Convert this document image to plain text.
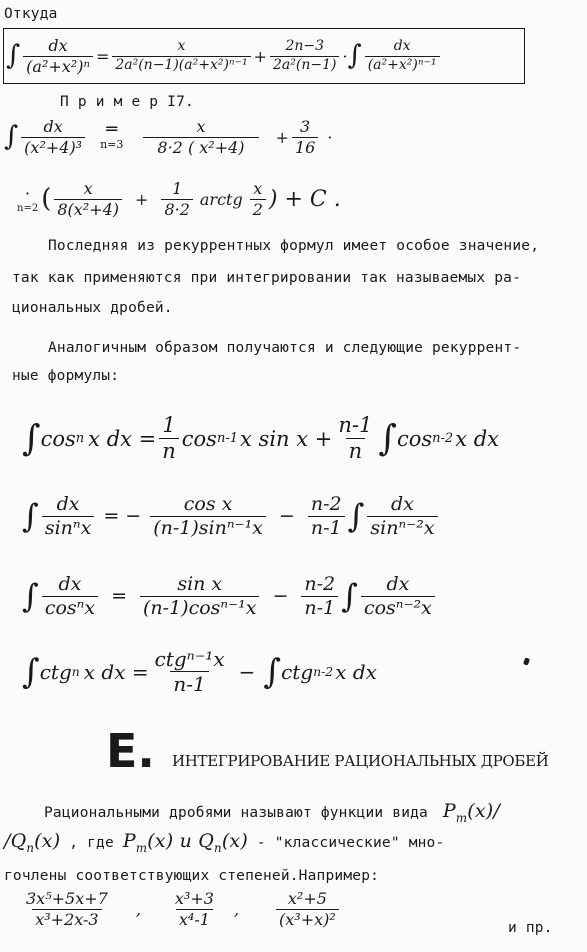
Откуда
∫ $\frac{dx}{\text{(a²+x²)ⁿ}} = \frac{x}{\text{2a²(n−1)(a²+x²)ⁿ⁻¹}} + \frac{2n-3}{\text{2a²(n−1)}}$ · ∫ $\frac{dx}{\text{(a²+x²)ⁿ⁻¹}}$
П р и м е р I7.
∫ $\frac{dx}{\text{(x²+4)³}}$ ═
$n=3 \frac{x}{\text{8·2 ( x²+4)}} + \frac{3}{16}$ ·
·
n=2 ( $\frac{x}{\text{8(x²+4)}} + \frac{1}{8\cdot 2}$ arctg $\frac{x}{2}$ ) + C .
Последняя из рекуррентных формул имеет особое значение,
так как применяются при интегрировании так называемых ра-
циональных дробей.
Аналогичным образом получаются и следующие рекуррент-
ные формулы:
∫ cos n x dx = $\frac{1}{n}$ cos n-1 x $\sin x + \frac{n-1}{n}$ ∫ cos n-2 x dx
∫ $\frac{dx}{\text{sinⁿx}}$ = − $\frac{\text{cos x}}{\text{(n-1)sinⁿ⁻¹x}} - \frac{n-2}{n-1}$ ∫ $\frac{dx}{\text{sinⁿ⁻²x}}$
∫ $\frac{dx}{\text{cosⁿx}} = \frac{\text{sin x}}{\text{(n-1)cosⁿ⁻¹x}} - \frac{n-2}{n-1}$ ∫ $\frac{dx}{\text{cosⁿ⁻²x}}$
∫ ctg n x dx = $\frac{\text{ctgⁿ⁻¹x}}{n-1}$ − ∫ ctg n-2 x dx
E. ИНТЕГРИРОВАНИЕ РАЦИОНАЛЬНЫХ ДРОБЕЙ
Рациональными дробями называют функции вида $P_m(x)/$
$/Q_n(x)$ , где $P_m(x)$ и $Q_n(x)$ - "классические" мно-
гочлены соответствующих степеней.Например:
$\frac{\text{3x⁵+5x+7}}{\text{x³+2x-3}}$ , $\frac{\text{x³+3}}{\text{x⁴-1}}$ , $\frac{\text{x²+5}}{\text{(x³+x)²}}$	и пр.
